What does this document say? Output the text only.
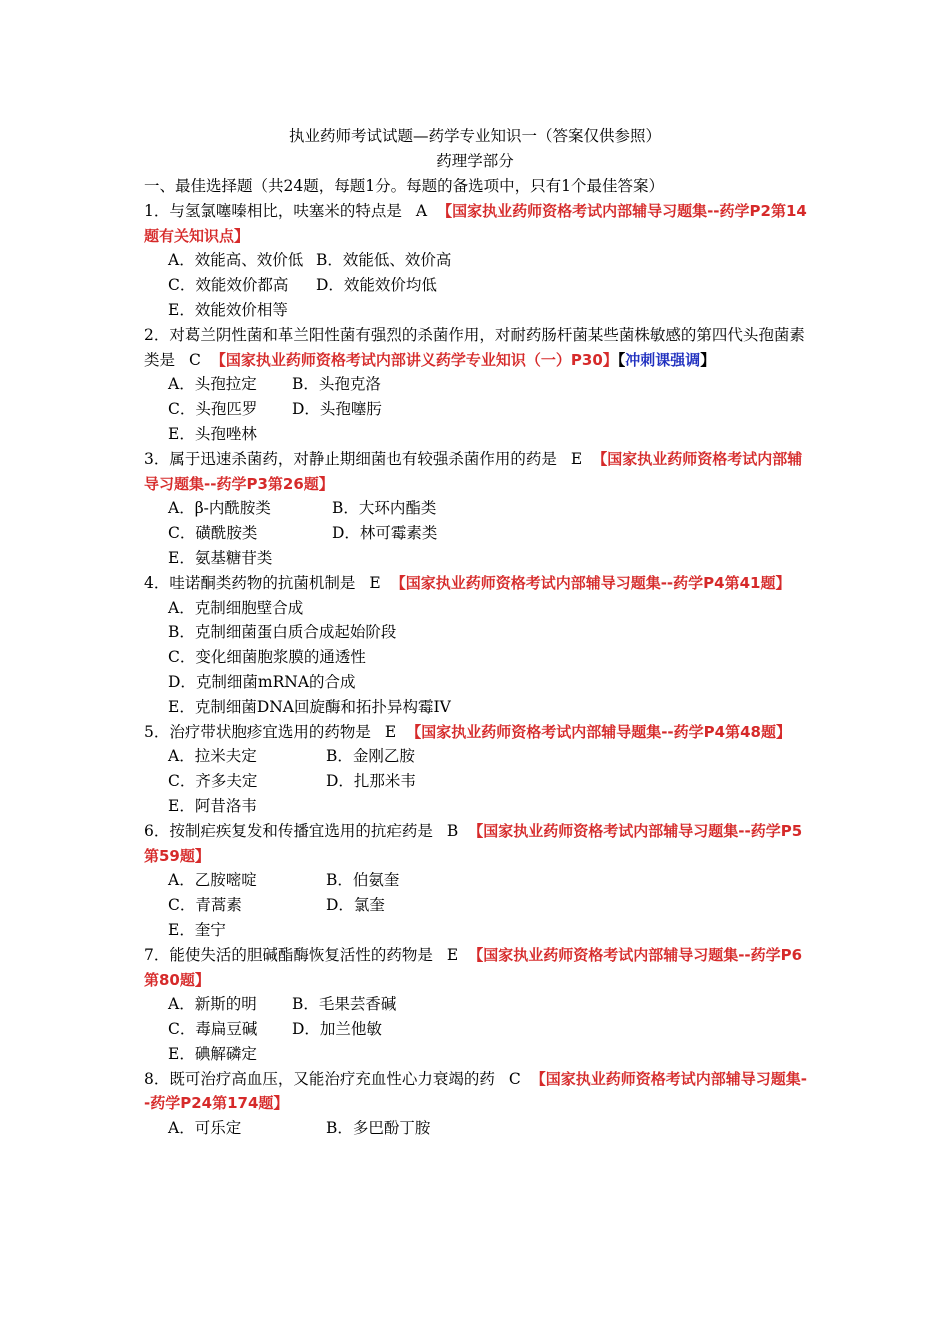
执业药师考试试题—药学专业知识一（答案仅供参照）
药理学部分
一、最佳选择题（共24题，每题1分。每题的备选项中，只有1个最佳答案）
1．与氢氯噻嗪相比，呋塞米的特点是 A 【国家执业药师资格考试内部辅导习题集--药学P2第14题有关知识点】
A．效能高、效价低 B．效能低、效价高
C．效能效价都高 D．效能效价均低
E．效能效价相等
2．对葛兰阴性菌和革兰阳性菌有强烈的杀菌作用，对耐药肠杆菌某些菌株敏感的第四代头孢菌素类是 C 【国家执业药师资格考试内部讲义药学专业知识（一）P30】【冲刺课强调】
A．头孢拉定 B．头孢克洛
C．头孢匹罗 D．头孢噻肟
E．头孢唑林
3．属于迅速杀菌药，对静止期细菌也有较强杀菌作用的药是 E 【国家执业药师资格考试内部辅导习题集--药学P3第26题】
A．β-内酰胺类	B．大环内酯类
C．磺酰胺类	D．林可霉素类
E．氨基糖苷类
4．哇诺酮类药物的抗菌机制是 E 【国家执业药师资格考试内部辅导习题集--药学P4第41题】
A．克制细胞壁合成
B．克制细菌蛋白质合成起始阶段
C．变化细菌胞浆膜的通透性
D．克制细菌mRNA的合成
E．克制细菌DNA回旋酶和拓扑异构霉IV
5．治疗带状胞疹宜选用的药物是 E 【国家执业药师资格考试内部辅导题集--药学P4第48题】
A．拉米夫定	B．金刚乙胺
C．齐多夫定	D．扎那米韦
E．阿昔洛韦
6．按制疟疾复发和传播宜选用的抗疟药是 B 【国家执业药师资格考试内部辅导习题集--药学P5第59题】
A．乙胺嘧啶	B．伯氨奎
C．青蒿素	D．氯奎
E．奎宁
7．能使失活的胆碱酯酶恢复活性的药物是 E 【国家执业药师资格考试内部辅导习题集--药学P6第80题】
A．新斯的明 B．毛果芸香碱
C．毒扁豆碱 D．加兰他敏
E．碘解磷定
8．既可治疗高血压，又能治疗充血性心力衰竭的药 C 【国家执业药师资格考试内部辅导习题集--药学P24第174题】
A．可乐定	B．多巴酚丁胺
